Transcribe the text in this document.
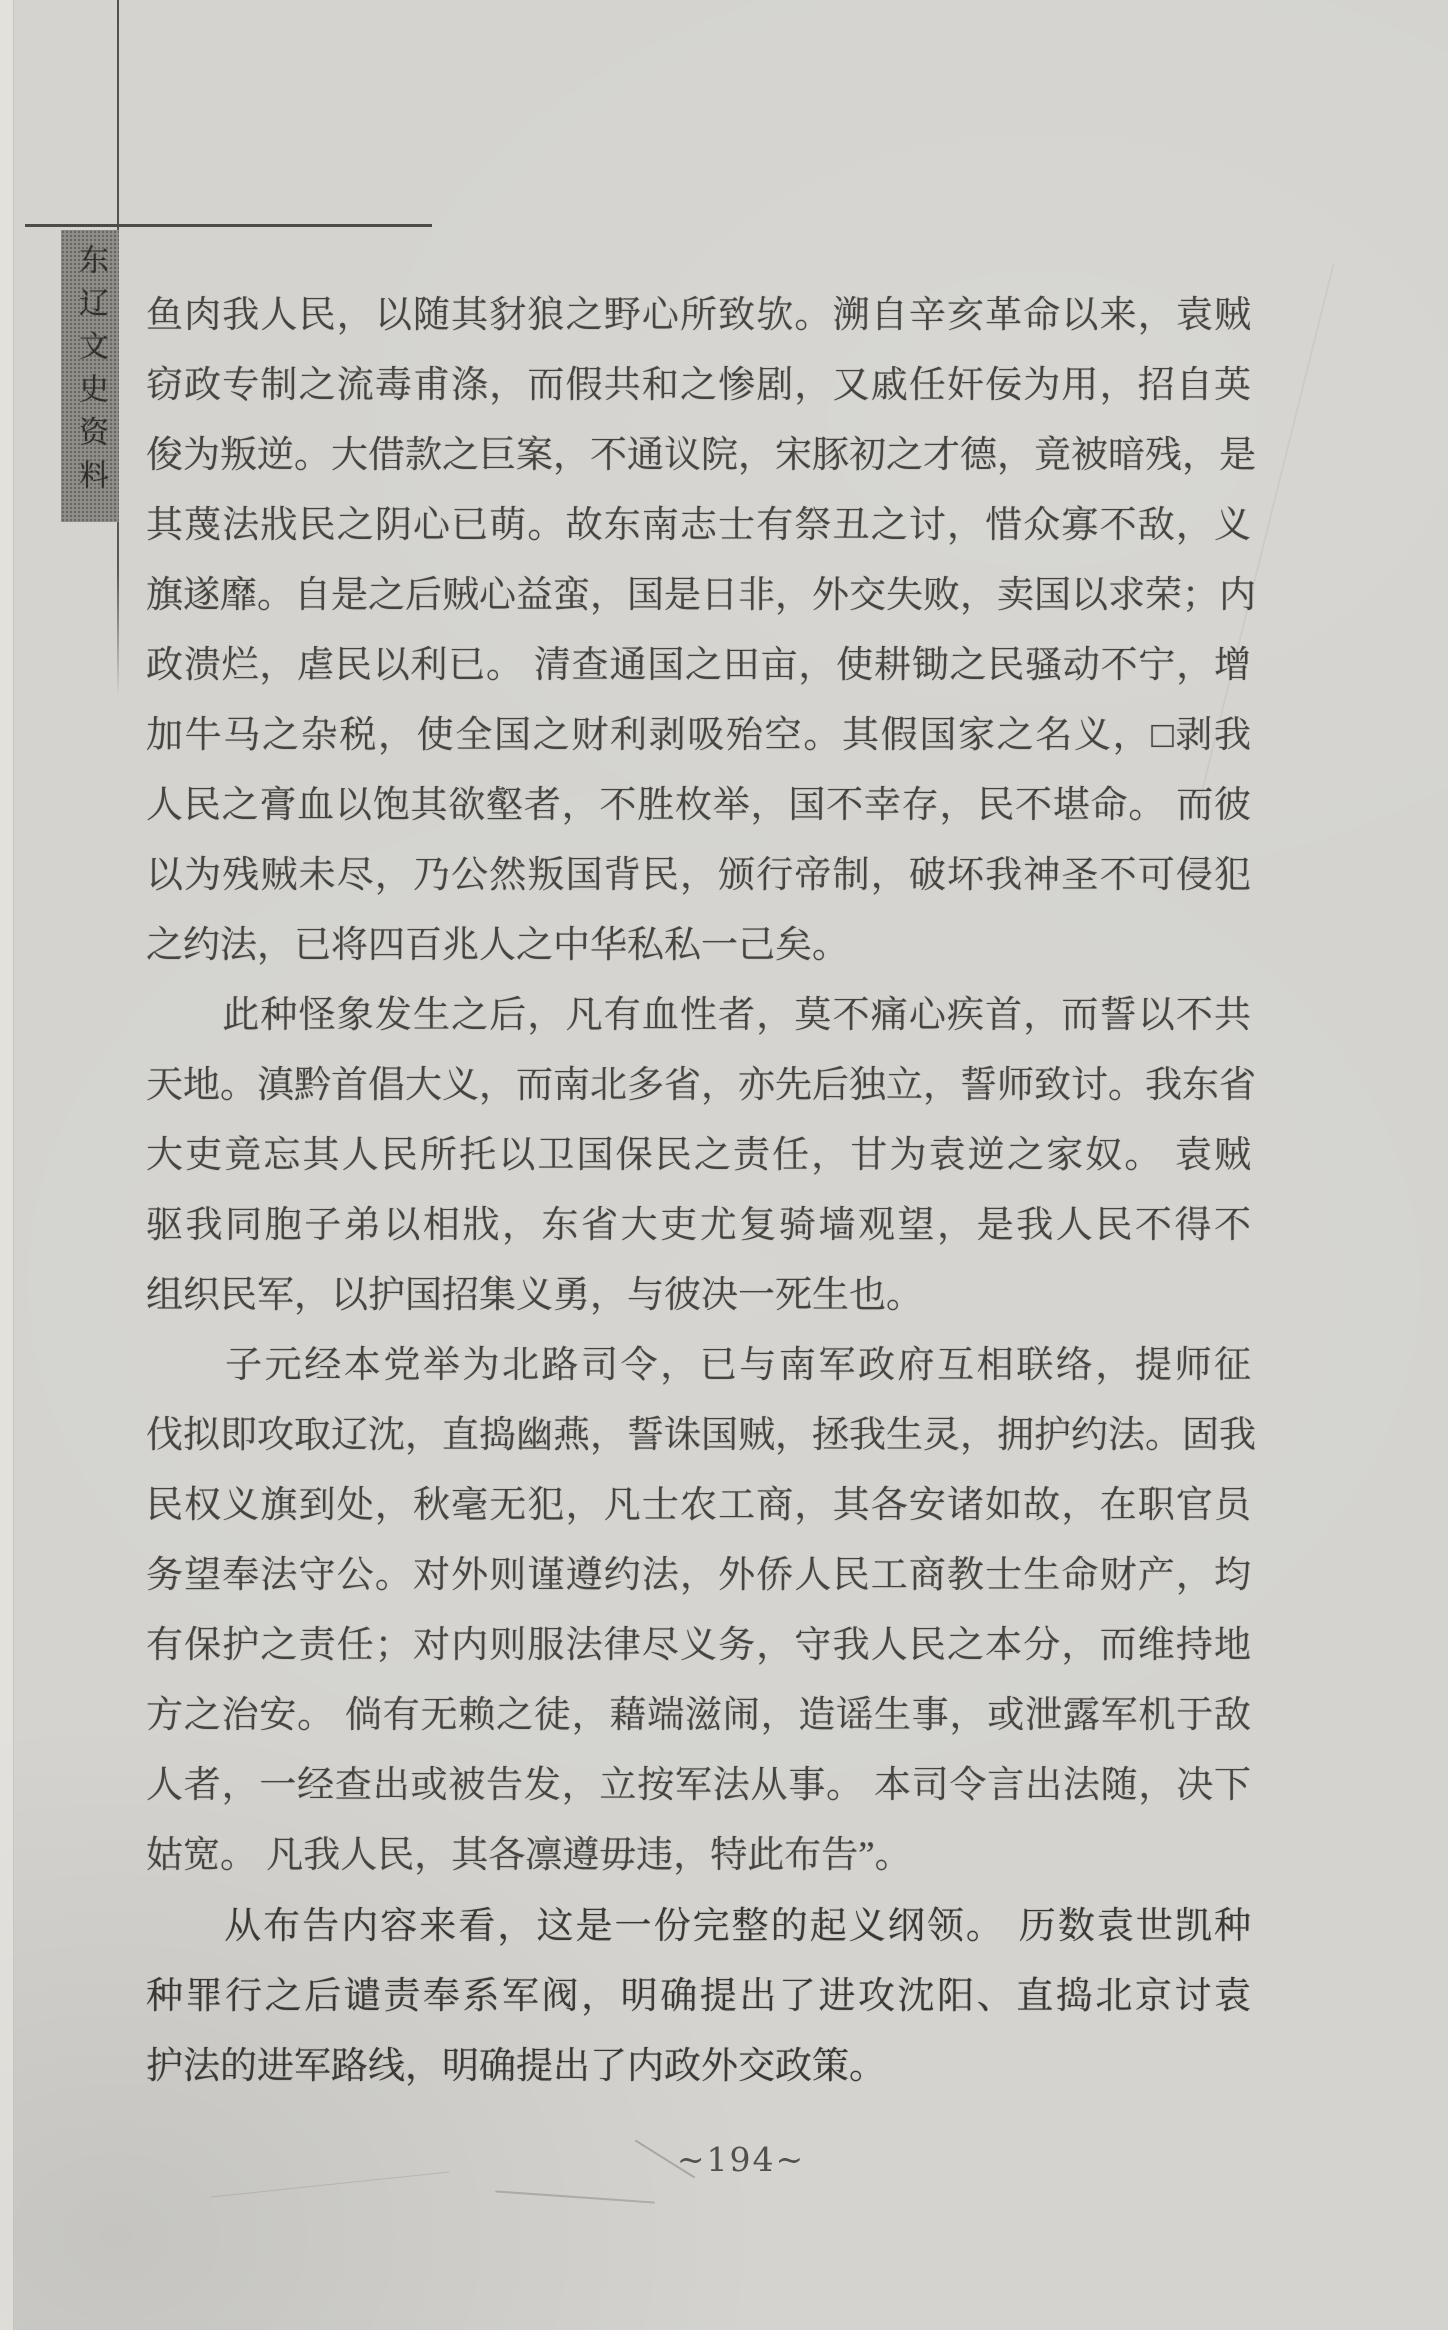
东辽文史资料 鱼肉我人民，以随其豺狼之野心所致欤。溯自辛亥革命以来，袁贼
窃政专制之流毒甫涤，而假共和之惨剧，又戚任奸佞为用，招自英
俊为叛逆。大借款之巨案，不通议院，宋豚初之才德，竟被暗残，是
其蔑法戕民之阴心已萌。故东南志士有祭丑之讨，惜众寡不敌，义
旗遂靡。自是之后贼心益蛮，国是日非，外交失败，卖国以求荣；内
政溃烂，虐民以利已。 清查通国之田亩，使耕锄之民骚动不宁，增
加牛马之杂税，使全国之财利剥吸殆空。其假国家之名义，□剥我
人民之膏血以饱其欲壑者，不胜枚举，国不幸存，民不堪命。 而彼
以为残贼未尽，乃公然叛国背民，颁行帝制，破坏我神圣不可侵犯
之约法，已将四百兆人之中华私私一己矣。
　　此种怪象发生之后，凡有血性者，莫不痛心疾首，而誓以不共
天地。滇黔首倡大义，而南北多省，亦先后独立，誓师致讨。我东省
大吏竟忘其人民所托以卫国保民之责任，甘为袁逆之家奴。 袁贼
驱我同胞子弟以相戕，东省大吏尤复骑墙观望，是我人民不得不
组织民军，以护国招集义勇，与彼决一死生也。
　　子元经本党举为北路司令，已与南军政府互相联络，提师征
伐拟即攻取辽沈，直捣幽燕，誓诛国贼，拯我生灵，拥护约法。固我
民权义旗到处，秋毫无犯，凡士农工商，其各安诸如故，在职官员
务望奉法守公。对外则谨遵约法，外侨人民工商教士生命财产，均
有保护之责任；对内则服法律尽义务，守我人民之本分，而维持地
方之治安。 倘有无赖之徒，藉端滋闹，造谣生事，或泄露军机于敌
人者，一经查出或被告发，立按军法从事。 本司令言出法随，决下
姑宽。 凡我人民，其各凛遵毋违，特此布告”。
　　从布告内容来看，这是一份完整的起义纲领。 历数袁世凯种
种罪行之后谴责奉系军阀，明确提出了进攻沈阳、直捣北京讨袁
护法的进军路线，明确提出了内政外交政策。
~194~
